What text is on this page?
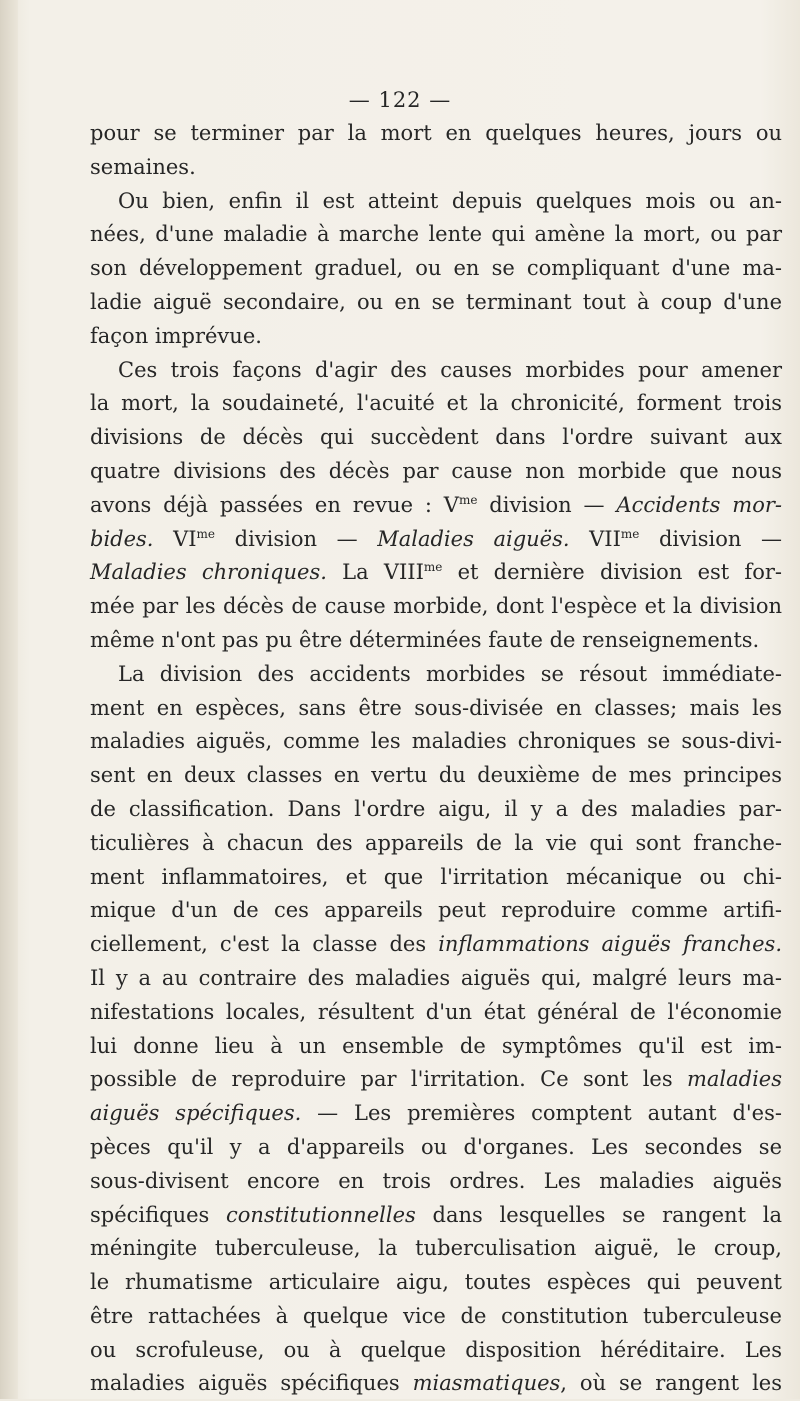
— 122 —
pour se terminer par la mort en quelques heures, jours ou
semaines.
Ou bien, enfin il est atteint depuis quelques mois ou an-
nées, d'une maladie à marche lente qui amène la mort, ou par
son développement graduel, ou en se compliquant d'une ma-
ladie aiguë secondaire, ou en se terminant tout à coup d'une
façon imprévue.
Ces trois façons d'agir des causes morbides pour amener
la mort, la soudaineté, l'acuité et la chronicité, forment trois
divisions de décès qui succèdent dans l'ordre suivant aux
quatre divisions des décès par cause non morbide que nous
avons déjà passées en revue : $V^{me}$ division — Accidents mor-
bides. $VI^{me}$ division — Maladies aiguës. $VII^{me}$ division —
Maladies chroniques. La $VIII^{me}$ et dernière division est for-
mée par les décès de cause morbide, dont l'espèce et la division
même n'ont pas pu être déterminées faute de renseignements.
La division des accidents morbides se résout immédiate-
ment en espèces, sans être sous-divisée en classes; mais les
maladies aiguës, comme les maladies chroniques se sous-divi-
sent en deux classes en vertu du deuxième de mes principes
de classification. Dans l'ordre aigu, il y a des maladies par-
ticulières à chacun des appareils de la vie qui sont franche-
ment inflammatoires, et que l'irritation mécanique ou chi-
mique d'un de ces appareils peut reproduire comme artifi-
ciellement, c'est la classe des inflammations aiguës franches.
Il y a au contraire des maladies aiguës qui, malgré leurs ma-
nifestations locales, résultent d'un état général de l'économie
lui donne lieu à un ensemble de symptômes qu'il est im-
possible de reproduire par l'irritation. Ce sont les maladies
aiguës spécifiques. — Les premières comptent autant d'es-
pèces qu'il y a d'appareils ou d'organes. Les secondes se
sous-divisent encore en trois ordres. Les maladies aiguës
spécifiques constitutionnelles dans lesquelles se rangent la
méningite tuberculeuse, la tuberculisation aiguë, le croup,
le rhumatisme articulaire aigu, toutes espèces qui peuvent
être rattachées à quelque vice de constitution tuberculeuse
ou scrofuleuse, ou à quelque disposition héréditaire. Les
maladies aiguës spécifiques miasmatiques, où se rangent les
